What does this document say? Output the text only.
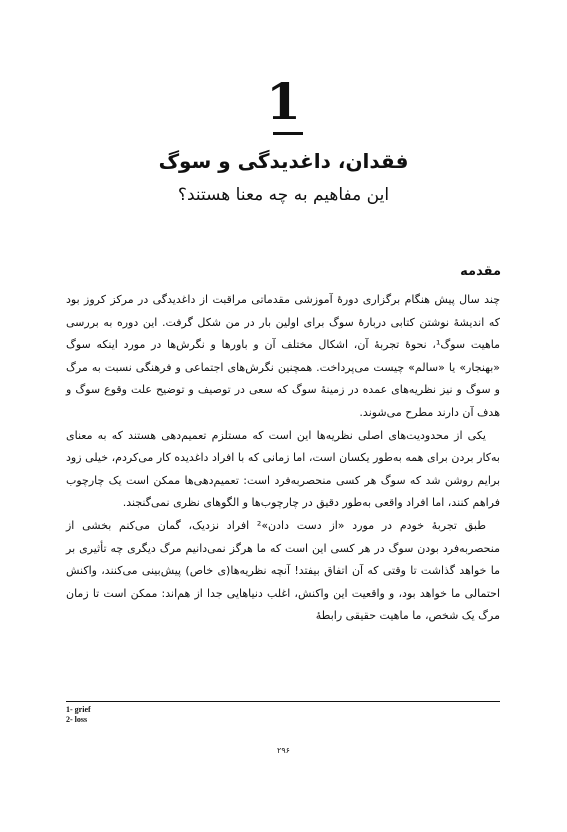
1
فقدان، داغدیدگی و سوگ
این مفاهیم به چه معنا هستند؟
مقدمه

چند سال پیش هنگام برگزاری دورهٔ آموزشی مقدماتی مراقبت از داغدیدگی در مرکز کروز بود که اندیشهٔ نوشتن کتابی دربارهٔ سوگ برای اولین بار در من شکل گرفت. این دوره به بررسی ماهیت سوگ¹، نحوهٔ تجربهٔ آن، اشکال مختلف آن و باورها و نگرش‌ها در مورد اینکه سوگ «بهنجار» یا «سالم» چیست می‌پرداخت. همچنین نگرش‌های اجتماعی و فرهنگی نسبت به مرگ و سوگ و نیز نظریه‌های عمده در زمینهٔ سوگ که سعی در توصیف و توضیح علت وقوع سوگ و هدف آن دارند مطرح می‌شوند.

یکی از محدودیت‌های اصلی نظریه‌ها این است که مستلزم تعمیم‌دهی هستند که به معنای به‌کار بردن برای همه به‌طور یکسان است، اما زمانی که با افراد داغدیده کار می‌کردم، خیلی زود برایم روشن شد که سوگ هر کسی منحصربه‌فرد است: تعمیم‌دهی‌ها ممکن است یک چارچوب فراهم کنند، اما افراد واقعی به‌طور دقیق در چارچوب‌ها و الگوهای نظری نمی‌گنجند.

طبق تجربهٔ خودم در مورد «از دست دادن»² افراد نزدیک، گمان می‌کنم بخشی از منحصربه‌فرد بودن سوگ در هر کسی این است که ما هرگز نمی‌دانیم مرگ دیگری چه تأثیری بر ما خواهد گذاشت تا وقتی که آن اتفاق بیفتد! آنچه نظریه‌ها(ی خاص) پیش‌بینی می‌کنند، واکنش احتمالی ما خواهد بود، و واقعیت این واکنش، اغلب دنیاهایی جدا از هم‌اند: ممکن است تا زمان مرگ یک شخص، ما ماهیت حقیقی رابطهٔ

1- grief
2- loss
۲۹۶
